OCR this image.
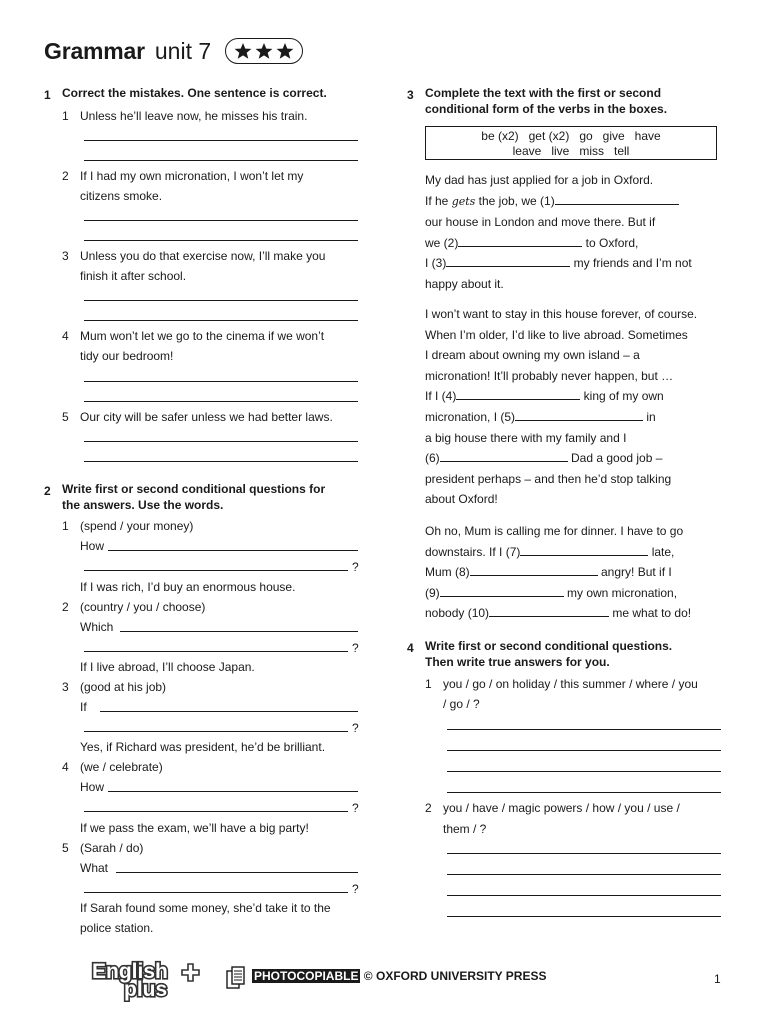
Grammar unit 7
1 Correct the mistakes. One sentence is correct.
1 Unless he’ll leave now, he misses his train.
2 If I had my own micronation, I won’t let my
citizens smoke.
3 Unless you do that exercise now, I’ll make you
finish it after school.
4 Mum won’t let we go to the cinema if we won’t
tidy our bedroom!
5 Our city will be safer unless we had better laws.
2 Write first or second conditional questions for
the answers. Use the words.
1 (spend / your money)
How
?
If I was rich, I’d buy an enormous house.
2 (country / you / choose)
Which
?
If I live abroad, I’ll choose Japan.
3 (good at his job)
If
?
Yes, if Richard was president, he’d be brilliant.
4 (we / celebrate)
How
?
If we pass the exam, we’ll have a big party!
5 (Sarah / do)
What
?
If Sarah found some money, she’d take it to the
police station.
3 Complete the text with the first or second
conditional form of the verbs in the boxes.
be (x2)   get (x2)   go   give   have
leave   live   miss   tell
My dad has just applied for a job in Oxford.
If he gets the job, we (1)
our house in London and move there. But if
we (2)	to Oxford,
I (3)	my friends and I’m not
happy about it.
I won’t want to stay in this house forever, of course.
When I’m older, I’d like to live abroad. Sometimes
I dream about owning my own island – a
micronation! It’ll probably never happen, but …
If I (4)	king of my own
micronation, I (5)	in
a big house there with my family and I
(6)	Dad a good job –
president perhaps – and then he’d stop talking
about Oxford!
Oh no, Mum is calling me for dinner. I have to go
downstairs. If I (7)	late,
Mum (8)	angry! But if I
(9)	my own micronation,
nobody (10)	me what to do!
4 Write first or second conditional questions.
Then write true answers for you.
1 you / go / on holiday / this summer / where / you
/ go / ?
2 you / have / magic powers / how / you / use /
them / ?
English
plus
PHOTOCOPIABLE © OXFORD UNIVERSITY PRESS	1
